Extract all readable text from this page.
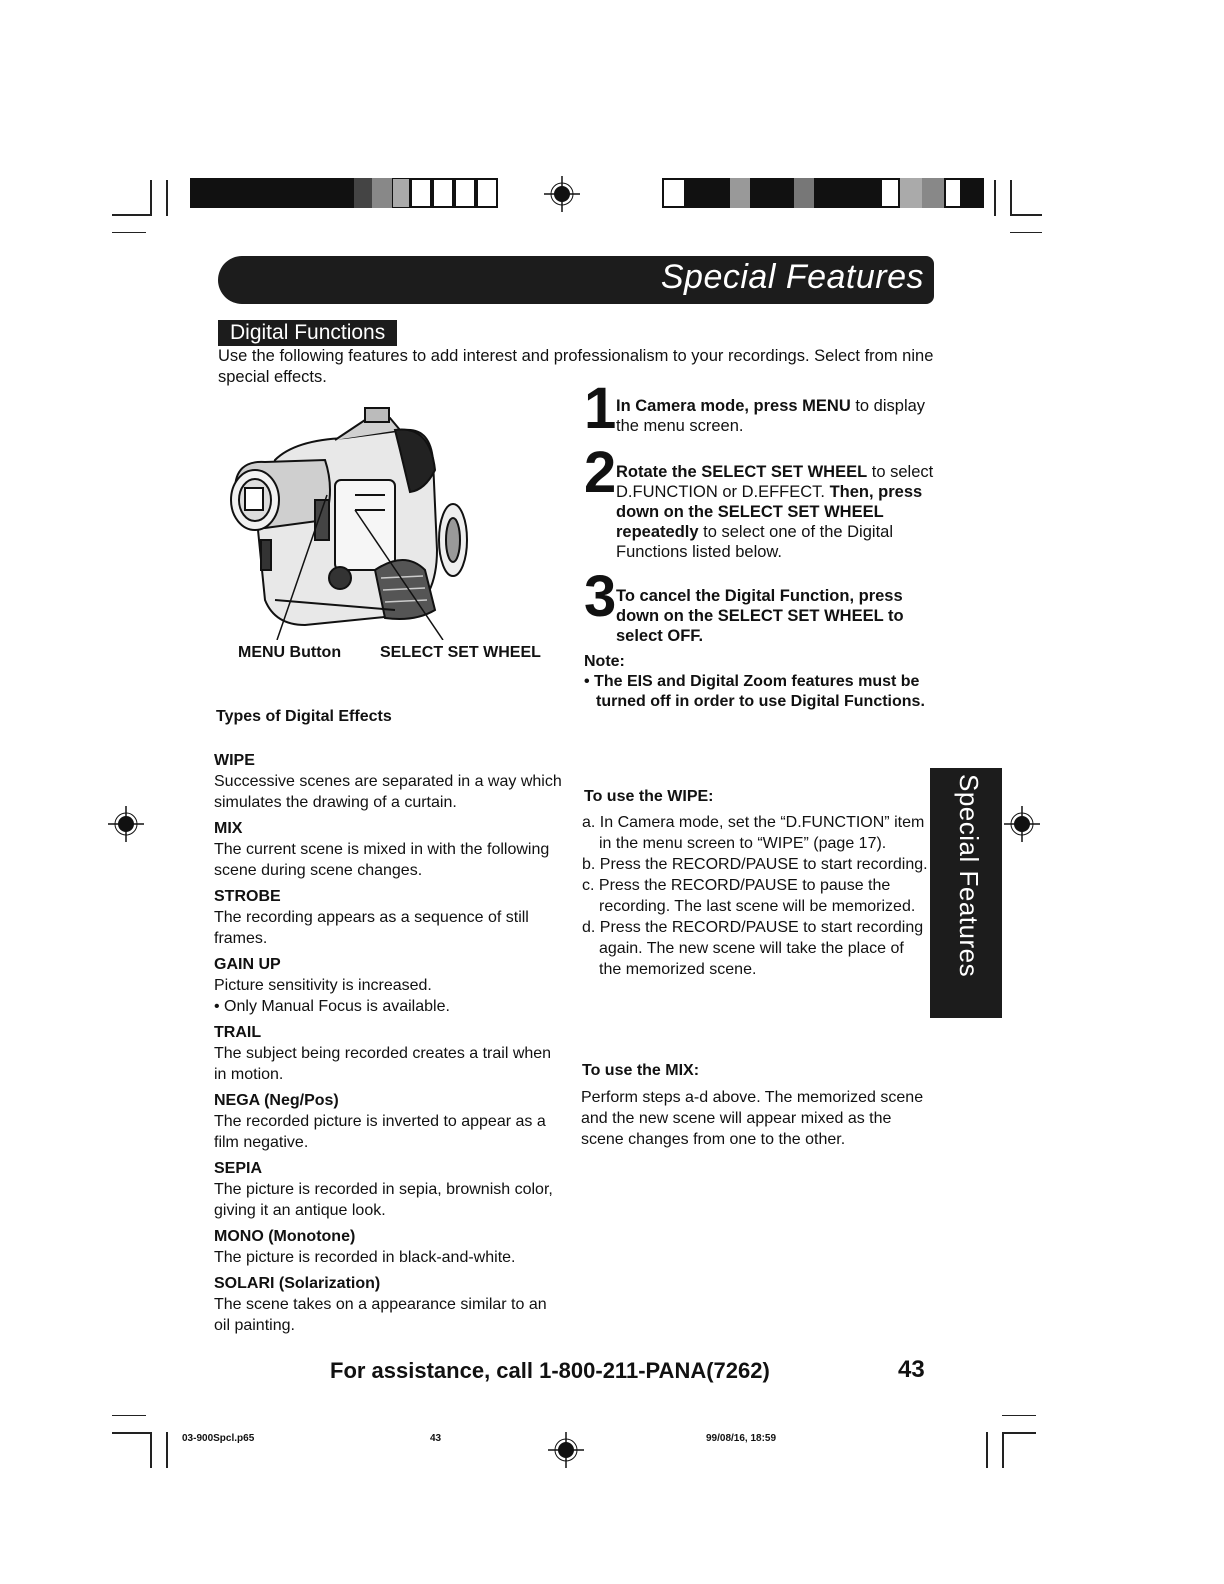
Special Features
Digital Functions
Use the following features to add interest and professionalism to your recordings. Select from nine special effects.	1 In Camera mode, press MENU to display the menu screen.
2 Rotate the SELECT SET WHEEL to select D.FUNCTION or D.EFFECT. Then, press down on the SELECT SET WHEEL repeatedly to select one of the Digital Functions listed below.
3 To cancel the Digital Function, press down on the SELECT SET WHEEL to select OFF.
Note:
• The EIS and Digital Zoom features must be turned off in order to use Digital Functions.
MENU Button SELECT SET WHEEL
Types of Digital Effects
WIPE
Successive scenes are separated in a way which simulates the drawing of a curtain.
MIX
The current scene is mixed in with the following scene during scene changes.
STROBE
The recording appears as a sequence of still frames.
GAIN UP
Picture sensitivity is increased.
• Only Manual Focus is available.
TRAIL
The subject being recorded creates a trail when in motion.
NEGA (Neg/Pos)
The recorded picture is inverted to appear as a film negative.
SEPIA
The picture is recorded in sepia, brownish color, giving it an antique look.
MONO (Monotone)
The picture is recorded in black-and-white.
SOLARI (Solarization)
The scene takes on a appearance similar to an oil painting.
To use the WIPE:
a. In Camera mode, set the “D.FUNCTION” item in the menu screen to “WIPE” (page 17).
b. Press the RECORD/PAUSE to start recording.
c. Press the RECORD/PAUSE to pause the recording. The last scene will be memorized.
d. Press the RECORD/PAUSE to start recording again. The new scene will take the place of the memorized scene.
To use the MIX:
Perform steps a-d above. The memorized scene and the new scene will appear mixed as the scene changes from one to the other.
Special Features
For assistance, call 1-800-211-PANA(7262)	43
03-900Spcl.p65	43	99/08/16, 18:59
